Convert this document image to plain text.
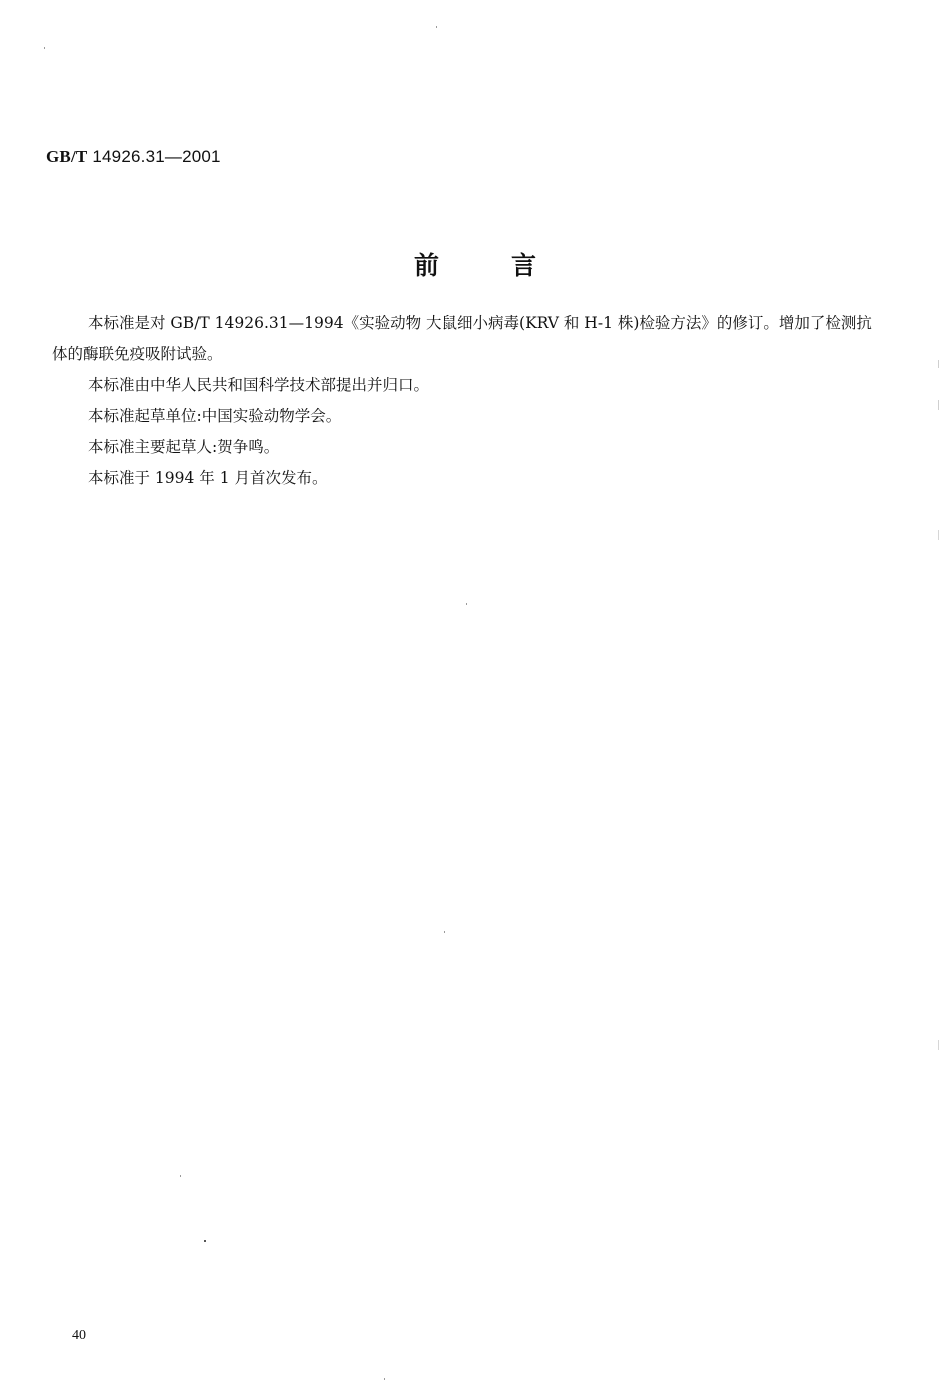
GB/T 14926.31—2001
前	言

本标准是对 GB/T 14926.31—1994《实验动物 大鼠细小病毒(KRV 和 H-1 株)检验方法》的修订。增加了检测抗体的酶联免疫吸附试验。

本标准由中华人民共和国科学技术部提出并归口。

本标准起草单位:中国实验动物学会。

本标准主要起草人:贺争鸣。

本标准于 1994 年 1 月首次发布。

40
